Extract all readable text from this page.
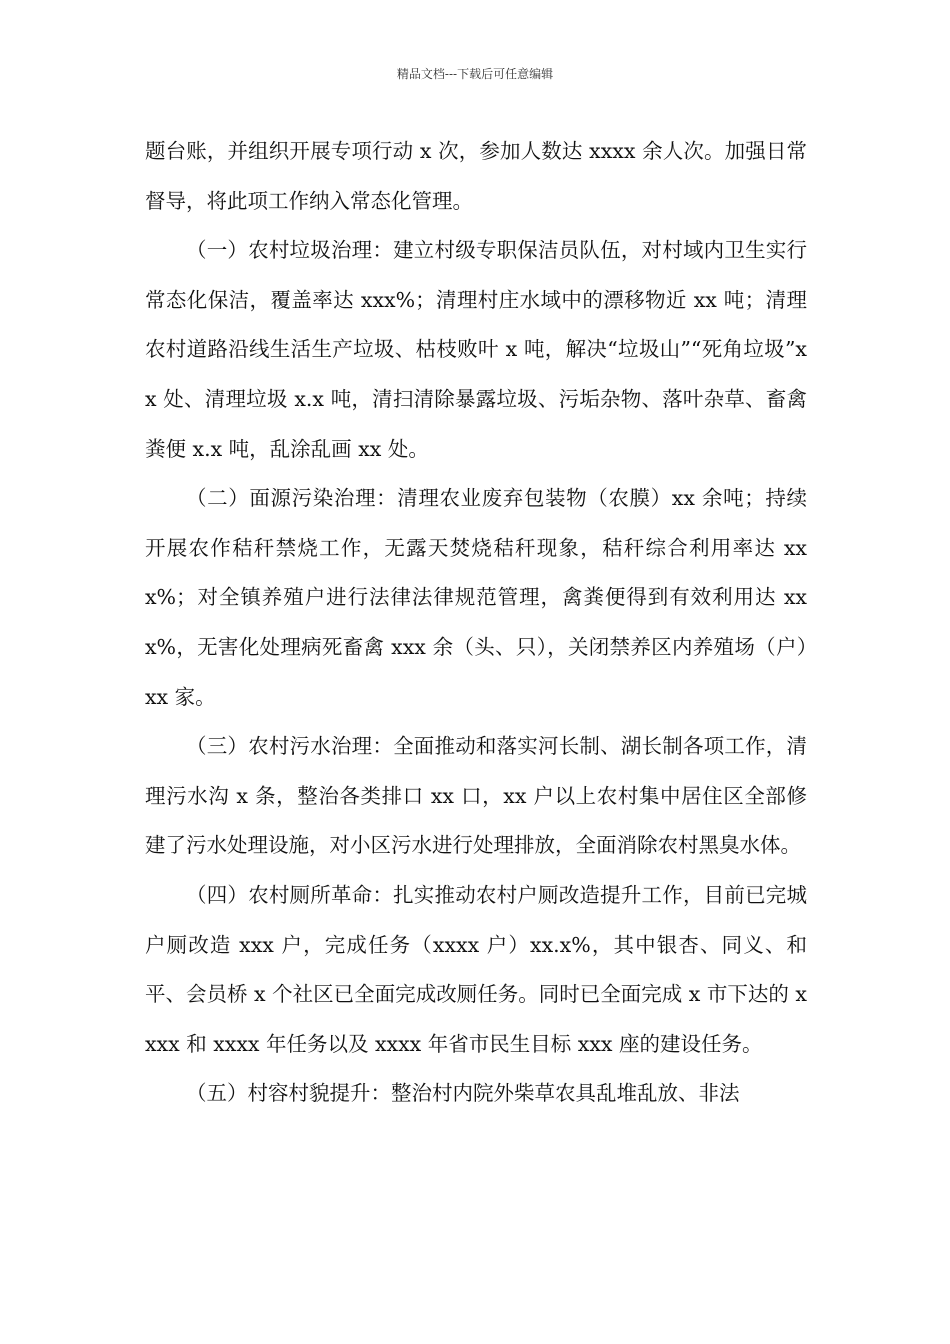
精品文档---下载后可任意编辑

题台账，并组织开展专项行动 x 次，参加人数达 xxxx 余人次。加强日常督导，将此项工作纳入常态化管理。

（一）农村垃圾治理：建立村级专职保洁员队伍，对村域内卫生实行常态化保洁，覆盖率达 xxx%；清理村庄水域中的漂移物近 xx 吨；清理农村道路沿线生活生产垃圾、枯枝败叶 x 吨，解决“垃圾山”“死角垃圾”xx 处、清理垃圾 x.x 吨，清扫清除暴露垃圾、污垢杂物、落叶杂草、畜禽粪便 x.x 吨，乱涂乱画 xx 处。

（二）面源污染治理：清理农业废弃包装物（农膜）xx 余吨；持续开展农作秸秆禁烧工作，无露天焚烧秸秆现象，秸秆综合利用率达 xxx%；对全镇养殖户进行法律法律规范管理，禽粪便得到有效利用达 xxx%，无害化处理病死畜禽 xxx 余（头、只），关闭禁养区内养殖场（户）xx 家。

（三）农村污水治理：全面推动和落实河长制、湖长制各项工作，清理污水沟 x 条，整治各类排口 xx 口，xx 户以上农村集中居住区全部修建了污水处理设施，对小区污水进行处理排放，全面消除农村黑臭水体。

（四）农村厕所革命：扎实推动农村户厕改造提升工作，目前已完城户厕改造 xxx 户，完成任务（xxxx 户）xx.x%，其中银杏、同义、和平、会员桥 x 个社区已全面完成改厕任务。同时已全面完成 x 市下达的 xxxx 和 xxxx 年任务以及 xxxx 年省市民生目标 xxx 座的建设任务。

（五）村容村貌提升：整治村内院外柴草农具乱堆乱放、非法
